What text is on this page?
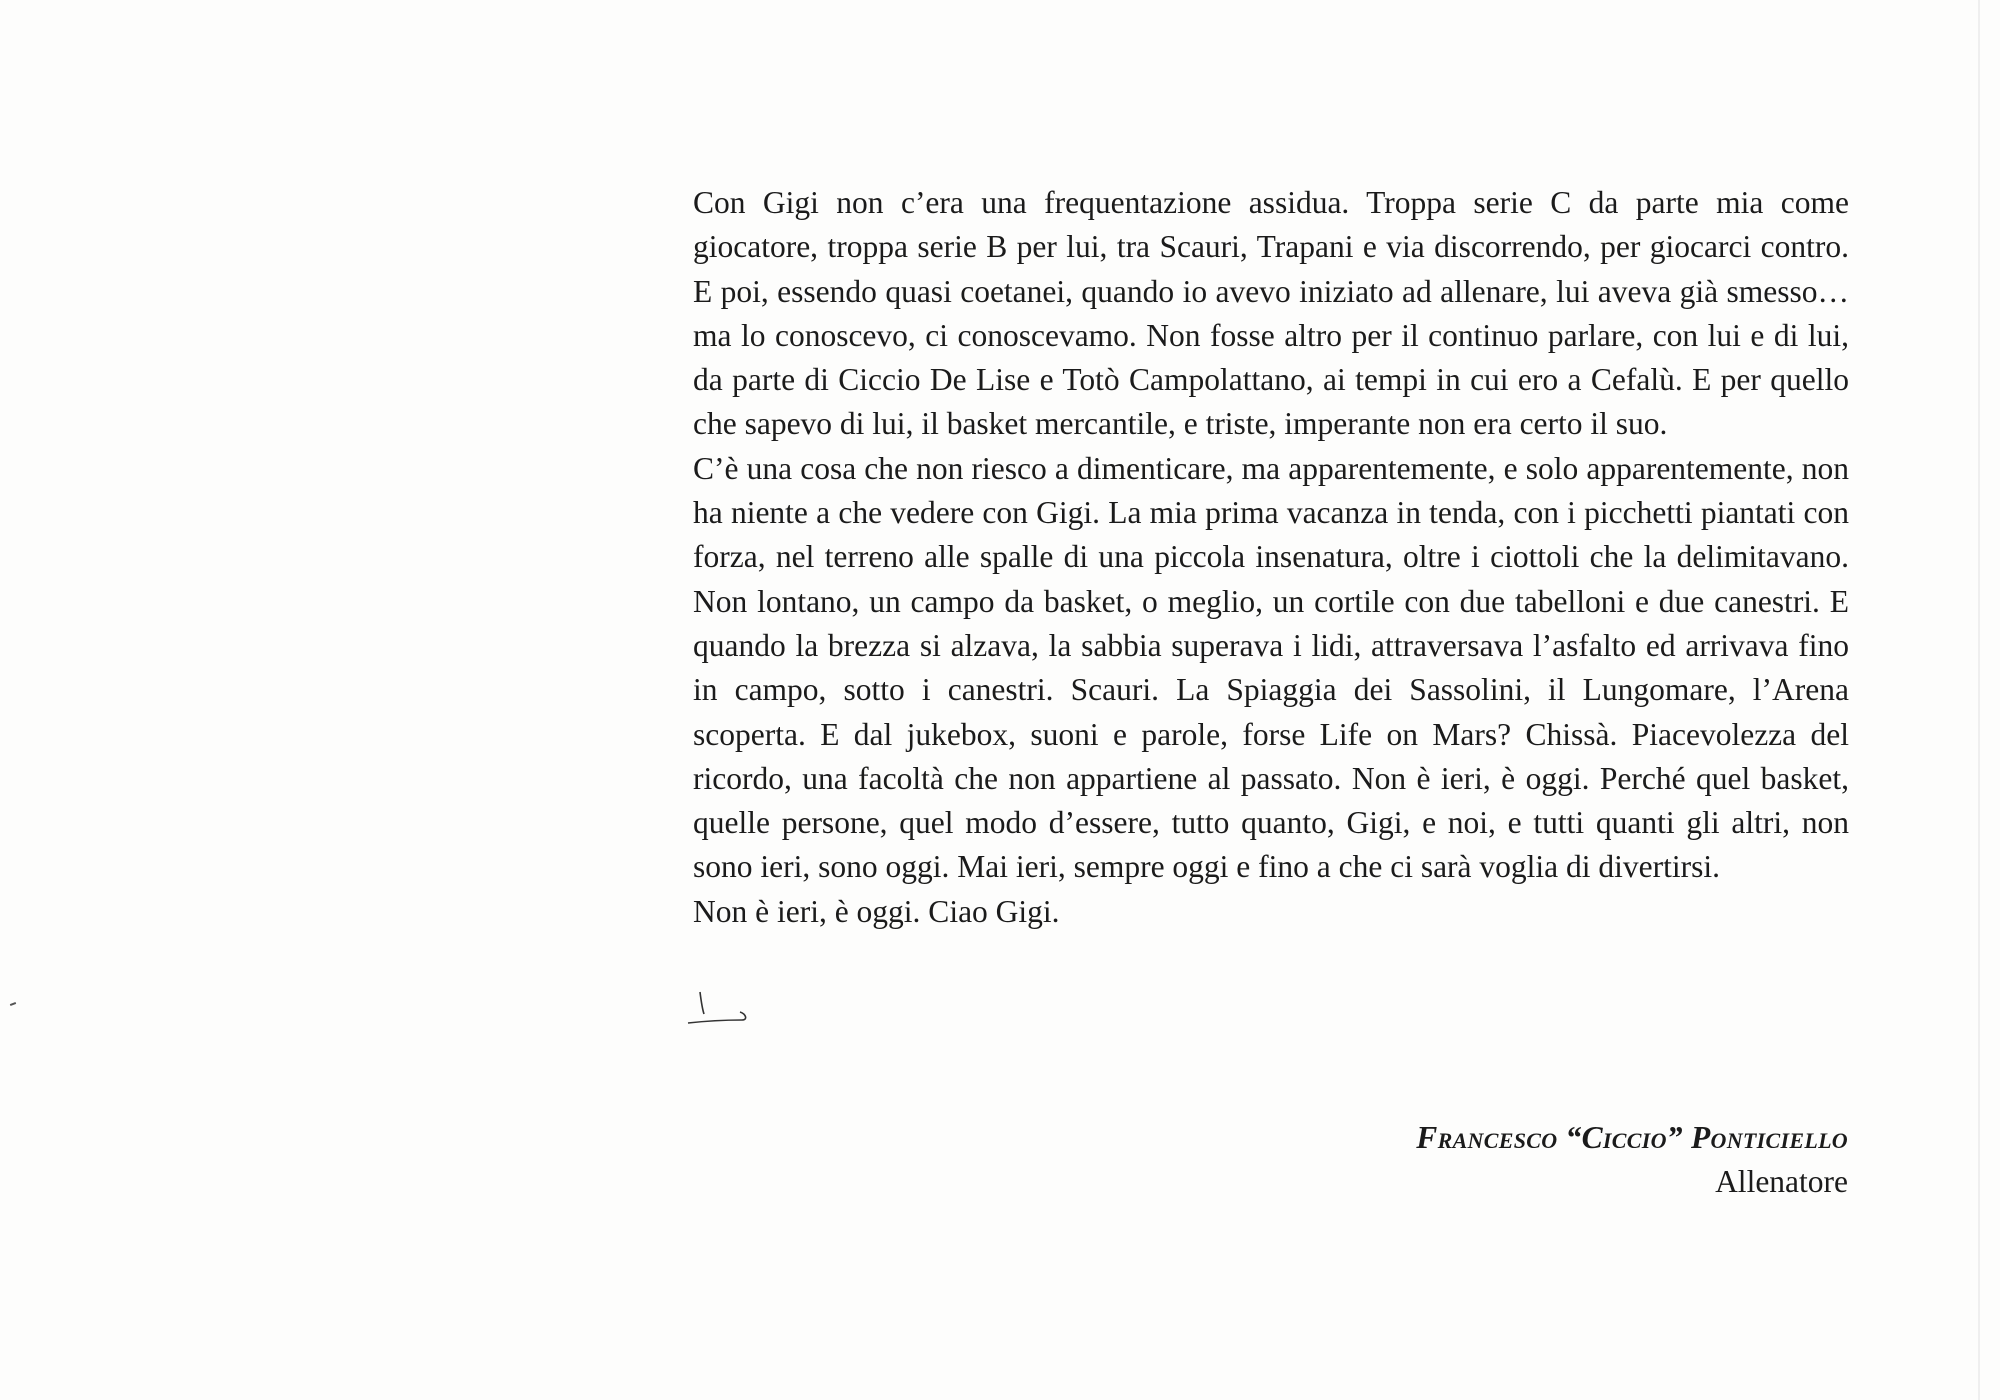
Con Gigi non c’era una frequentazione assidua. Troppa serie C da parte mia come giocatore, troppa serie B per lui, tra Scauri, Trapani e via discorrendo, per giocarci contro. E poi, essendo quasi coetanei, quando io avevo iniziato ad allenare, lui aveva già smesso… ma lo conoscevo, ci conoscevamo. Non fosse altro per il continuo parlare, con lui e di lui, da parte di Ciccio De Lise e Totò Campolattano, ai tempi in cui ero a Cefalù. E per quello che sapevo di lui, il basket mercantile, e triste, imperante non era certo il suo.

C’è una cosa che non riesco a dimenticare, ma apparentemente, e solo apparentemente, non ha niente a che vedere con Gigi. La mia prima vacanza in tenda, con i picchetti piantati con forza, nel terreno alle spalle di una piccola insenatura, oltre i ciottoli che la delimitavano. Non lontano, un campo da basket, o meglio, un cortile con due tabelloni e due canestri. E quando la brezza si alzava, la sabbia superava i lidi, attraversava l’asfalto ed arrivava fino in campo, sotto i canestri. Scauri. La Spiaggia dei Sassolini, il Lungomare, l’Arena scoperta. E dal jukebox, suoni e parole, forse Life on Mars? Chissà. Piacevolezza del ricordo, una facoltà che non appartiene al passato. Non è ieri, è oggi. Perché quel basket, quelle persone, quel modo d’essere, tutto quanto, Gigi, e noi, e tutti quanti gli altri, non sono ieri, sono oggi. Mai ieri, sempre oggi e fino a che ci sarà voglia di divertirsi.

Non è ieri, è oggi. Ciao Gigi.

Francesco “Ciccio” Ponticiello
Allenatore
